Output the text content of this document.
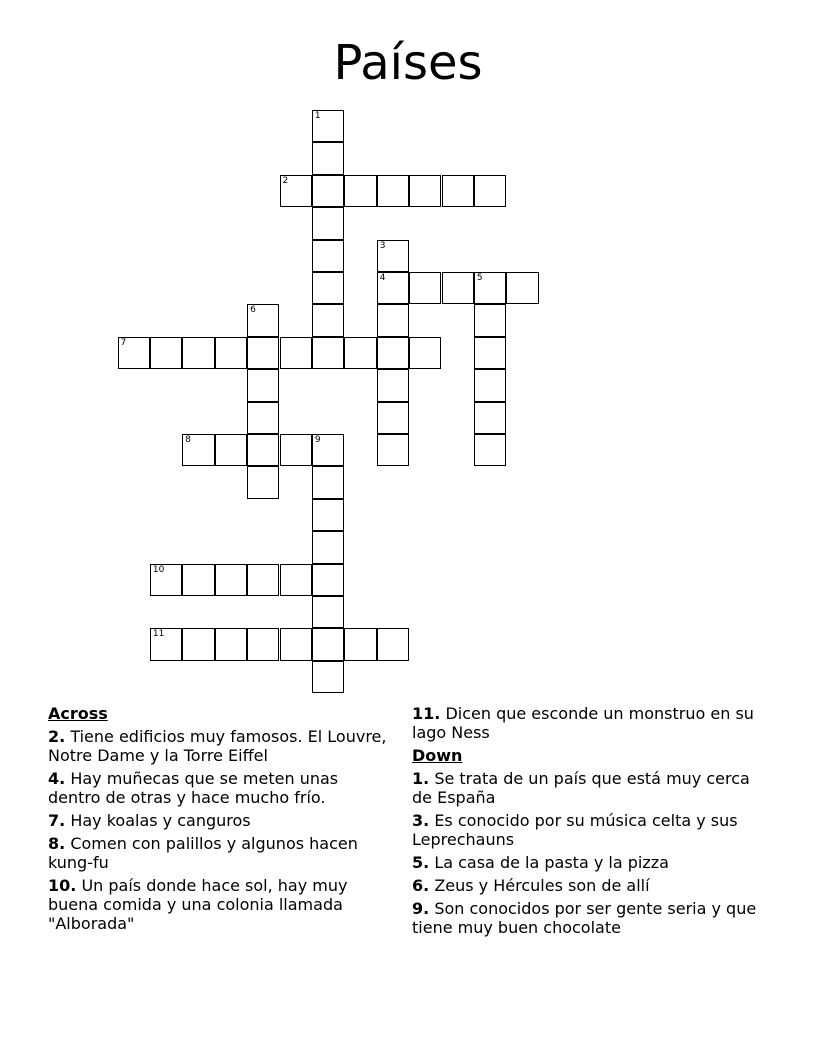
Países
1
2
4	5
3
7
6
8	9
10
11
Across
2. Tiene edificios muy famosos. El Louvre, Notre Dame y la Torre Eiffel
4. Hay muñecas que se meten unas dentro de otras y hace mucho frío.
7. Hay koalas y canguros
8. Comen con palillos y algunos hacen kung-fu
10. Un país donde hace sol, hay muy buena comida y una colonia llamada "Alborada"
11. Dicen que esconde un monstruo en su lago Ness
Down
1. Se trata de un país que está muy cerca de España
3. Es conocido por su música celta y sus Leprechauns
5. La casa de la pasta y la pizza
6. Zeus y Hércules son de allí
9. Son conocidos por ser gente seria y que tiene muy buen chocolate
